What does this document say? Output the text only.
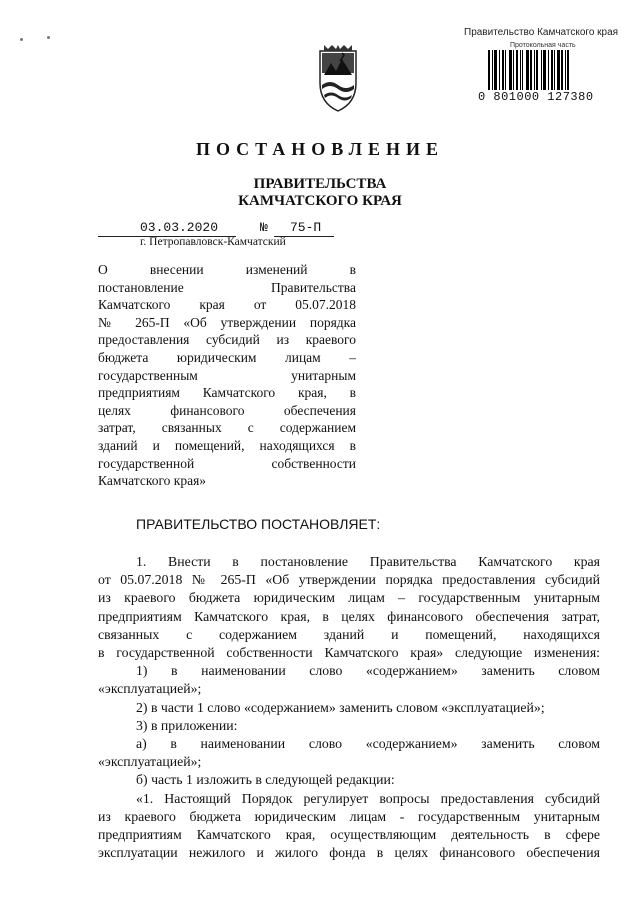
Правительство Камчатского края
Протокольная часть
0 801000 127380
ПОСТАНОВЛЕНИЕ
ПРАВИТЕЛЬСТВА
КАМЧАТСКОГО КРАЯ
03.03.2020	№ 75-П
г. Петропавловск-Камчатский
О внесении изменений в
постановление Правительства
Камчатского края от 05.07.2018
№ 265-П «Об утверждении порядка
предоставления субсидий из краевого
бюджета юридическим лицам –
государственным унитарным
предприятиям Камчатского края, в
целях финансового обеспечения
затрат, связанных с содержанием
зданий и помещений, находящихся в
государственной собственности
Камчатского края»
ПРАВИТЕЛЬСТВО ПОСТАНОВЛЯЕТ:
1. Внести в постановление Правительства Камчатского края
от 05.07.2018 № 265-П «Об утверждении порядка предоставления субсидий
из краевого бюджета юридическим лицам – государственным унитарным
предприятиям Камчатского края, в целях финансового обеспечения затрат,
связанных с содержанием зданий и помещений, находящихся
в государственной собственности Камчатского края» следующие изменения:
1) в наименовании слово «содержанием» заменить словом
«эксплуатацией»;
2) в части 1 слово «содержанием» заменить словом «эксплуатацией»;
3) в приложении:
а) в наименовании слово «содержанием» заменить словом
«эксплуатацией»;
б) часть 1 изложить в следующей редакции:
«1. Настоящий Порядок регулирует вопросы предоставления субсидий
из краевого бюджета юридическим лицам - государственным унитарным
предприятиям Камчатского края, осуществляющим деятельность в сфере
эксплуатации нежилого и жилого фонда в целях финансового обеспечения
